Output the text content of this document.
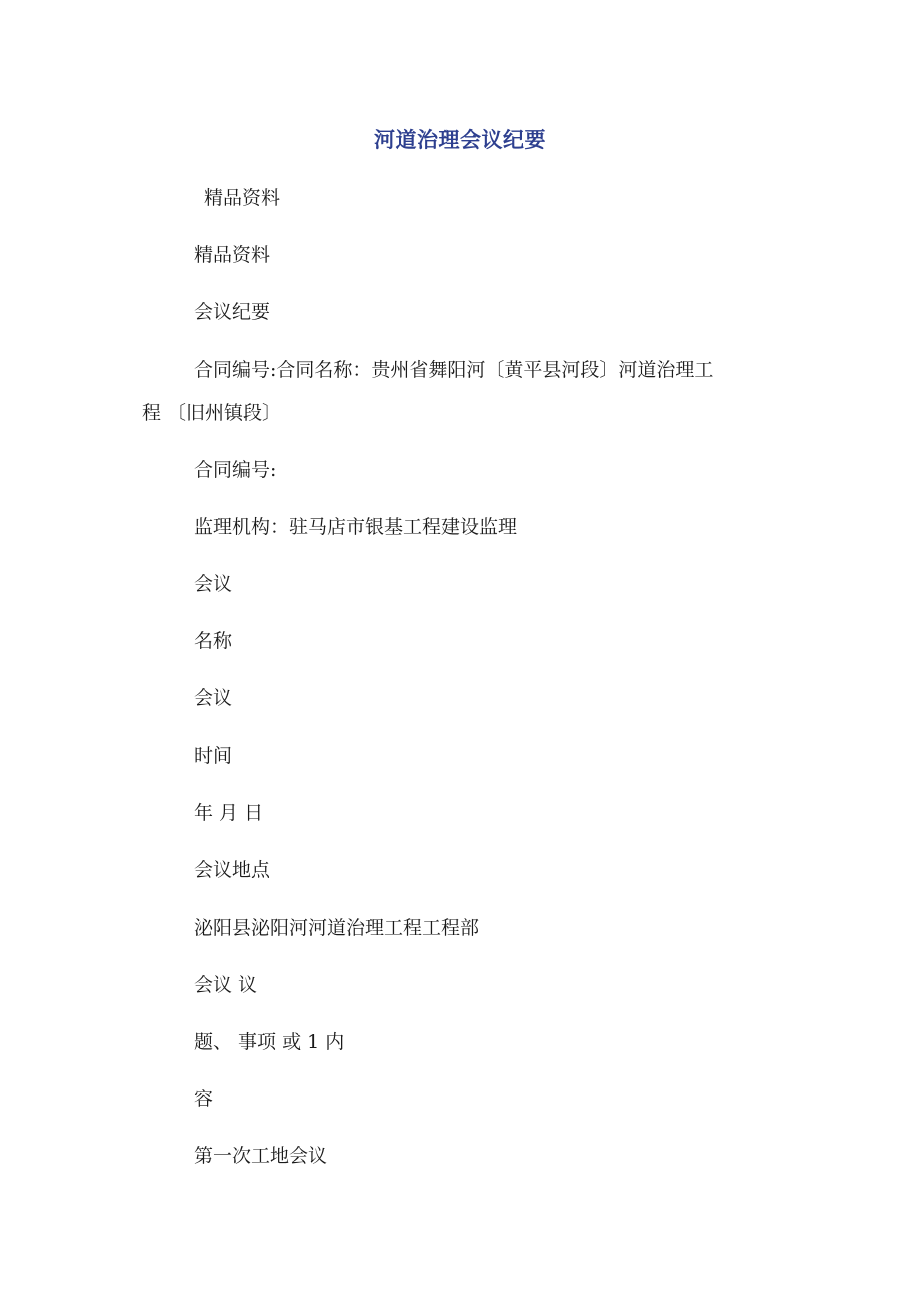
河道治理会议纪要
精品资料
精品资料
会议纪要
合同编号:合同名称：贵州省舞阳河〔黄平县河段〕河道治理工
程 〔旧州镇段〕
合同编号:
监理机构：驻马店市银基工程建设监理
会议
名称
会议
时间
年 月 日
会议地点
泌阳县泌阳河河道治理工程工程部
会议 议
题、 事项 或 1 内
容
第一次工地会议
